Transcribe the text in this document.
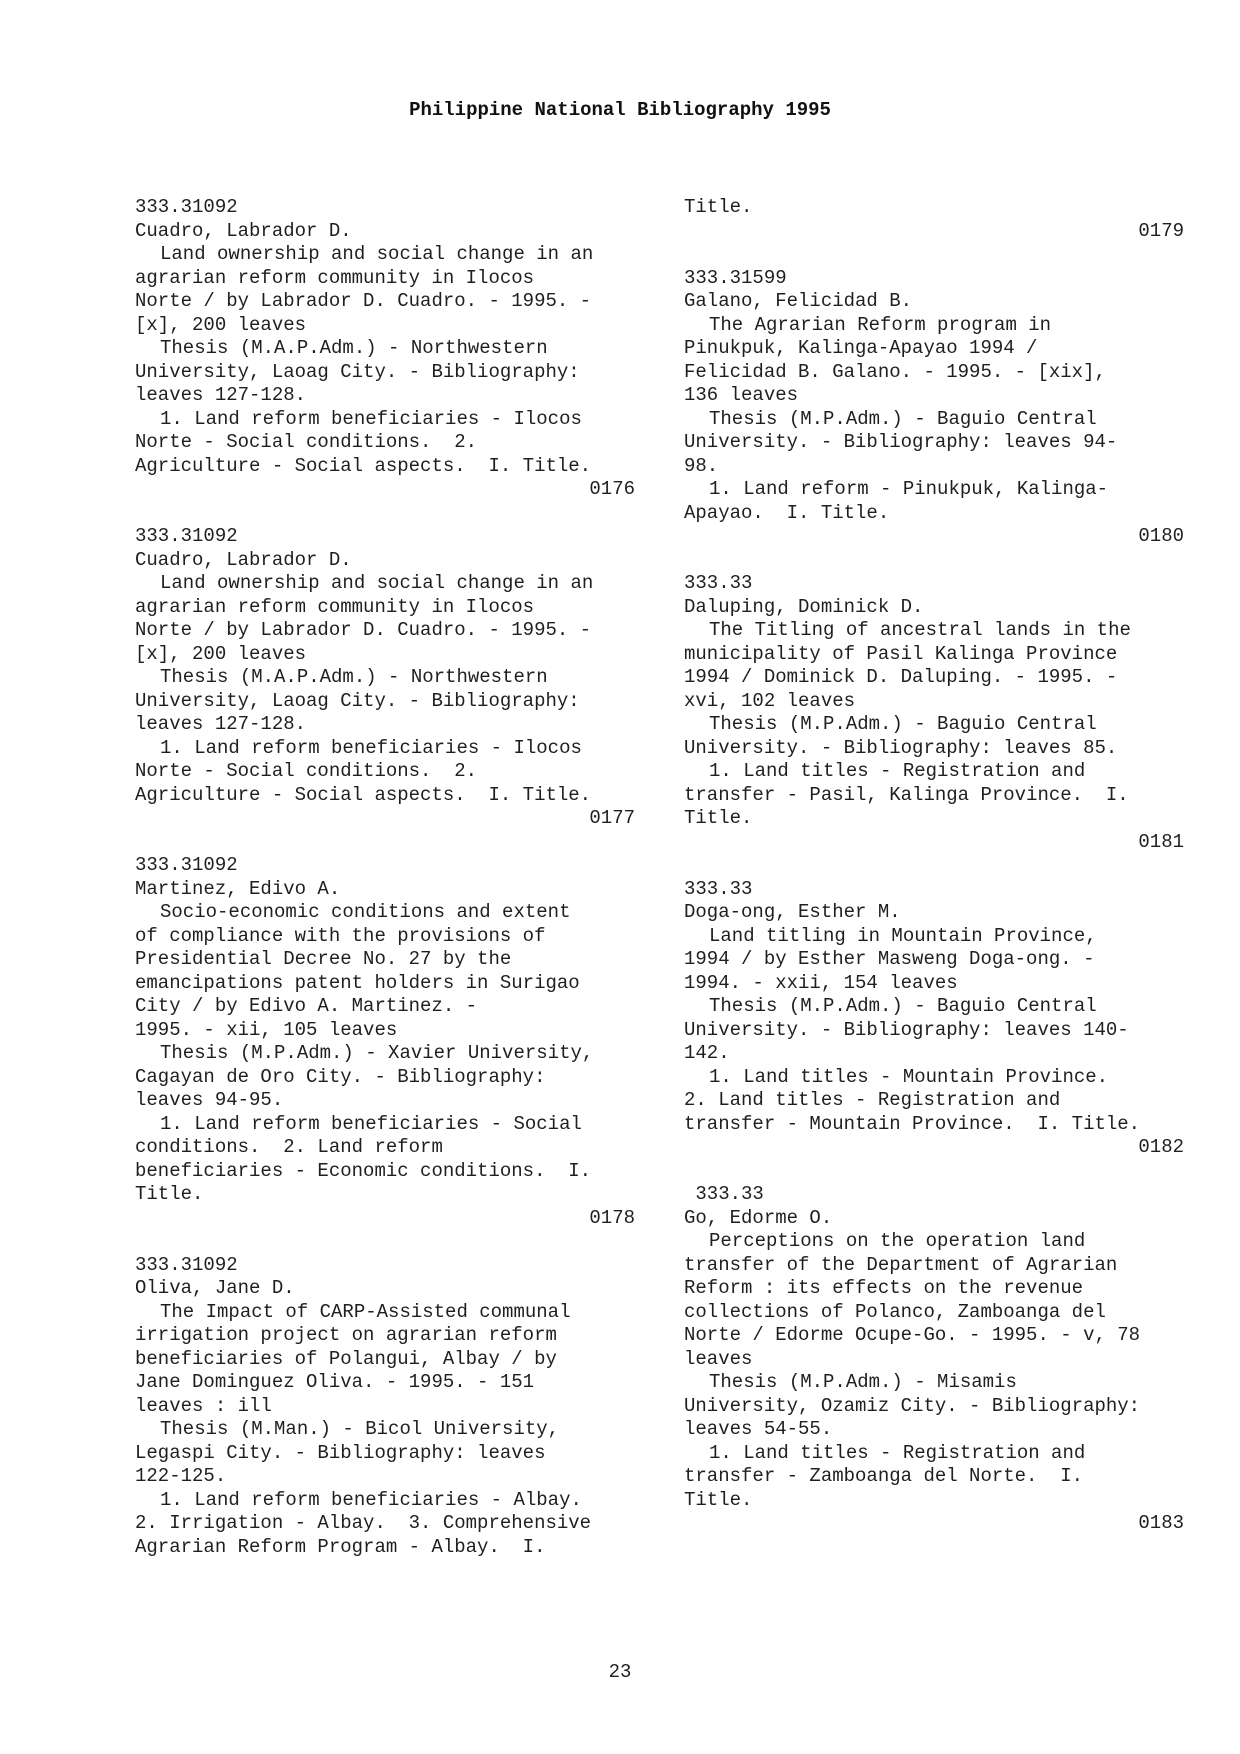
Philippine National Bibliography 1995
333.31092
Cuadro, Labrador D.
Land ownership and social change in an
agrarian reform community in Ilocos
Norte / by Labrador D. Cuadro. - 1995. -
[x], 200 leaves
Thesis (M.A.P.Adm.) - Northwestern
University, Laoag City. - Bibliography:
leaves 127-128.
1. Land reform beneficiaries - Ilocos
Norte - Social conditions.  2.
Agriculture - Social aspects.  I. Title.
0176
333.31092
Cuadro, Labrador D.
Land ownership and social change in an
agrarian reform community in Ilocos
Norte / by Labrador D. Cuadro. - 1995. -
[x], 200 leaves
Thesis (M.A.P.Adm.) - Northwestern
University, Laoag City. - Bibliography:
leaves 127-128.
1. Land reform beneficiaries - Ilocos
Norte - Social conditions.  2.
Agriculture - Social aspects.  I. Title.
0177
333.31092
Martinez, Edivo A.
Socio-economic conditions and extent
of compliance with the provisions of
Presidential Decree No. 27 by the
emancipations patent holders in Surigao
City / by Edivo A. Martinez. -
1995. - xii, 105 leaves
Thesis (M.P.Adm.) - Xavier University,
Cagayan de Oro City. - Bibliography:
leaves 94-95.
1. Land reform beneficiaries - Social
conditions.  2. Land reform
beneficiaries - Economic conditions.  I.
Title.
0178
333.31092
Oliva, Jane D.
The Impact of CARP-Assisted communal
irrigation project on agrarian reform
beneficiaries of Polangui, Albay / by
Jane Dominguez Oliva. - 1995. - 151
leaves : ill
Thesis (M.Man.) - Bicol University,
Legaspi City. - Bibliography: leaves
122-125.
1. Land reform beneficiaries - Albay.
2. Irrigation - Albay.  3. Comprehensive
Agrarian Reform Program - Albay.  I.
Title.
0179
333.31599
Galano, Felicidad B.
The Agrarian Reform program in
Pinukpuk, Kalinga-Apayao 1994 /
Felicidad B. Galano. - 1995. - [xix],
136 leaves
Thesis (M.P.Adm.) - Baguio Central
University. - Bibliography: leaves 94-
98.
1. Land reform - Pinukpuk, Kalinga-
Apayao.  I. Title.
0180
333.33
Daluping, Dominick D.
The Titling of ancestral lands in the
municipality of Pasil Kalinga Province
1994 / Dominick D. Daluping. - 1995. -
xvi, 102 leaves
Thesis (M.P.Adm.) - Baguio Central
University. - Bibliography: leaves 85.
1. Land titles - Registration and
transfer - Pasil, Kalinga Province.  I.
Title.
0181
333.33
Doga-ong, Esther M.
Land titling in Mountain Province,
1994 / by Esther Masweng Doga-ong. -
1994. - xxii, 154 leaves
Thesis (M.P.Adm.) - Baguio Central
University. - Bibliography: leaves 140-
142.
1. Land titles - Mountain Province.
2. Land titles - Registration and
transfer - Mountain Province.  I. Title.
0182
333.33
Go, Edorme O.
Perceptions on the operation land
transfer of the Department of Agrarian
Reform : its effects on the revenue
collections of Polanco, Zamboanga del
Norte / Edorme Ocupe-Go. - 1995. - v, 78
leaves
Thesis (M.P.Adm.) - Misamis
University, Ozamiz City. - Bibliography:
leaves 54-55.
1. Land titles - Registration and
transfer - Zamboanga del Norte.  I.
Title.
0183
23
